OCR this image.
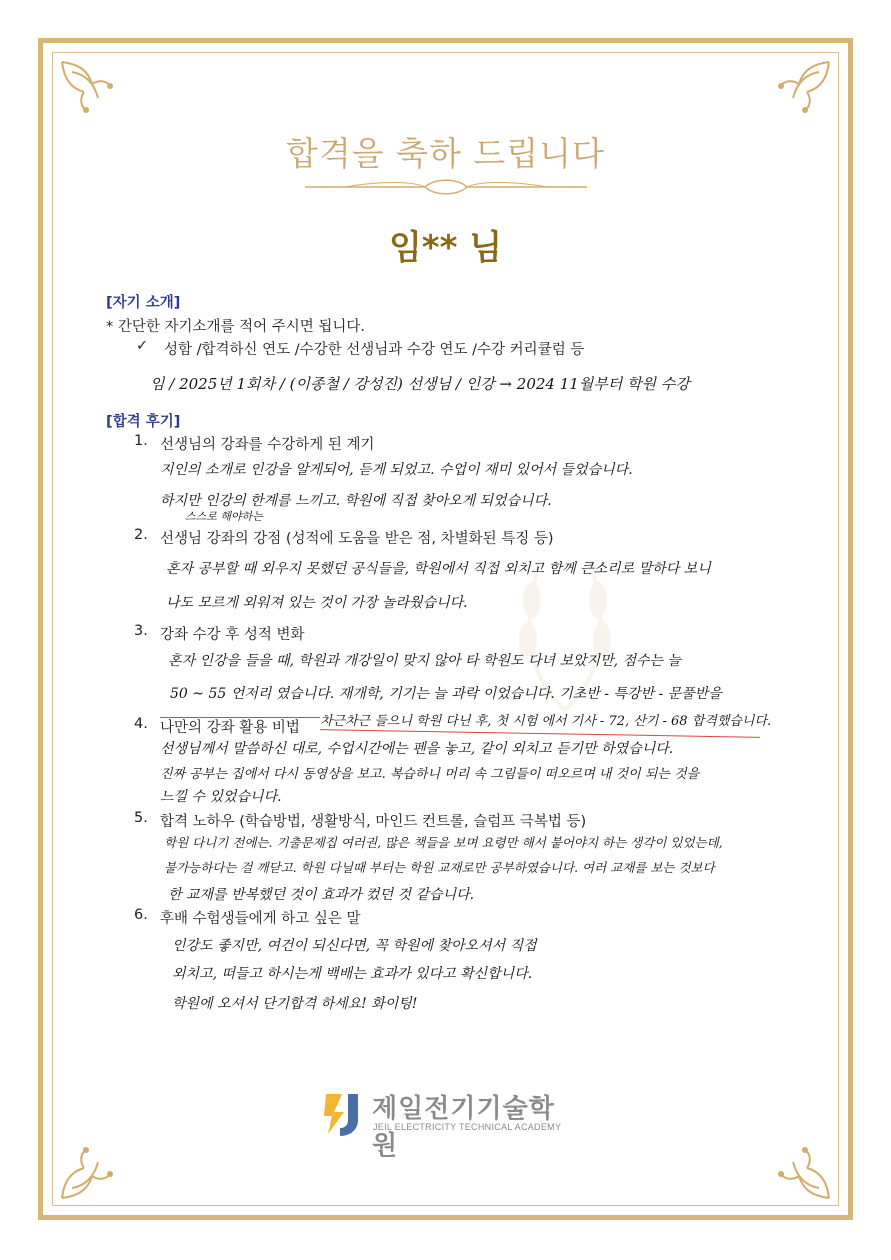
합격을 축하 드립니다
임** 님
[자기 소개]
* 간단한 자기소개를 적어 주시면 됩니다.
✓ 성함 /합격하신 연도 /수강한 선생님과 수강 연도 /수강 커리큘럼 등
임 / 2025년 1회차 / (이종철 / 강성진) 선생님 / 인강 → 2024 11월부터 학원 수강
[합격 후기]
1. 선생님의 강좌를 수강하게 된 계기
지인의 소개로 인강을 알게되어, 듣게 되었고. 수업이 재미 있어서 들었습니다.
하지만 인강의 한계를 느끼고. 학원에 직접 찾아오게 되었습니다.
스스로 해야하는
2. 선생님 강좌의 강점 (성적에 도움을 받은 점, 차별화된 특징 등)
혼자 공부할 때 외우지 못했던 공식들을, 학원에서 직접 외치고 함께 큰소리로 말하다 보니
나도 모르게 외워져 있는 것이 가장 놀라웠습니다.
3. 강좌 수강 후 성적 변화
혼자 인강을 들을 때, 학원과 개강일이 맞지 않아 타 학원도 다녀 보았지만, 점수는 늘
50 ~ 55 언저리 였습니다. 재개학, 기기는 늘 과락 이었습니다. 기초반 - 특강반 - 문풀반을
차근차근 들으니 학원 다닌 후, 첫 시험 에서 기사 - 72, 산기 - 68 합격했습니다.
4. 나만의 강좌 활용 비법
선생님께서 말씀하신 대로, 수업시간에는 펜을 놓고, 같이 외치고 듣기만 하였습니다.
진짜 공부는 집에서 다시 동영상을 보고. 복습하니 머리 속 그림들이 떠오르며 내 것이 되는 것을
느낄 수 있었습니다.
5. 합격 노하우 (학습방법, 생활방식, 마인드 컨트롤, 슬럼프 극복법 등)
학원 다니기 전에는. 기출문제집 여러권, 많은 책들을 보며 요령만 해서 붙어야지 하는 생각이 있었는데,
불가능하다는 걸 깨닫고. 학원 다닐때 부터는 학원 교재로만 공부하였습니다. 여러 교재를 보는 것보다
한 교재를 반복했던 것이 효과가 컸던 것 같습니다.
6. 후배 수험생들에게 하고 싶은 말
인강도 좋지만, 여건이 되신다면, 꼭 학원에 찾아오셔서 직접
외치고, 떠들고 하시는게 백배는 효과가 있다고 확신합니다.
학원에 오셔서 단기합격 하세요! 화이팅!
제일전기기술학원
JEIL ELECTRICITY TECHNICAL ACADEMY
